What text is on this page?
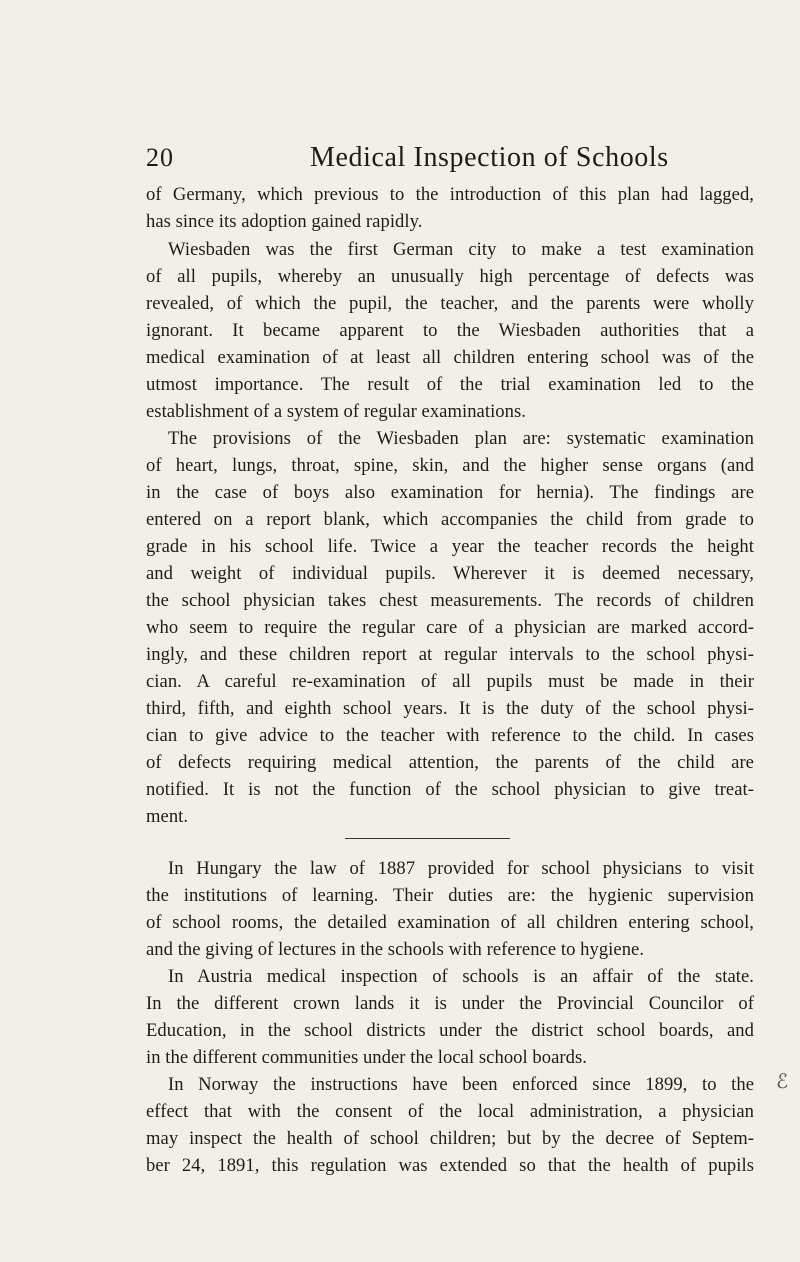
20	Medical Inspection of Schools
of Germany, which previous to the introduction of this plan had lagged,
has since its adoption gained rapidly.
Wiesbaden was the first German city to make a test examination
of all pupils, whereby an unusually high percentage of defects was
revealed, of which the pupil, the teacher, and the parents were wholly
ignorant. It became apparent to the Wiesbaden authorities that a
medical examination of at least all children entering school was of the
utmost importance. The result of the trial examination led to the
establishment of a system of regular examinations.
The provisions of the Wiesbaden plan are: systematic examination
of heart, lungs, throat, spine, skin, and the higher sense organs (and
in the case of boys also examination for hernia). The findings are
entered on a report blank, which accompanies the child from grade to
grade in his school life. Twice a year the teacher records the height
and weight of individual pupils. Wherever it is deemed necessary,
the school physician takes chest measurements. The records of children
who seem to require the regular care of a physician are marked accord-
ingly, and these children report at regular intervals to the school physi-
cian. A careful re-examination of all pupils must be made in their
third, fifth, and eighth school years. It is the duty of the school physi-
cian to give advice to the teacher with reference to the child. In cases
of defects requiring medical attention, the parents of the child are
notified. It is not the function of the school physician to give treat-
ment.
In Hungary the law of 1887 provided for school physicians to visit
the institutions of learning. Their duties are: the hygienic supervision
of school rooms, the detailed examination of all children entering school,
and the giving of lectures in the schools with reference to hygiene.
In Austria medical inspection of schools is an affair of the state.
In the different crown lands it is under the Provincial Councilor of
Education, in the school districts under the district school boards, and
in the different communities under the local school boards.
In Norway the instructions have been enforced since 1899, to the
effect that with the consent of the local administration, a physician
may inspect the health of school children; but by the decree of Septem-
ber 24, 1891, this regulation was extended so that the health of pupils
ℰ
